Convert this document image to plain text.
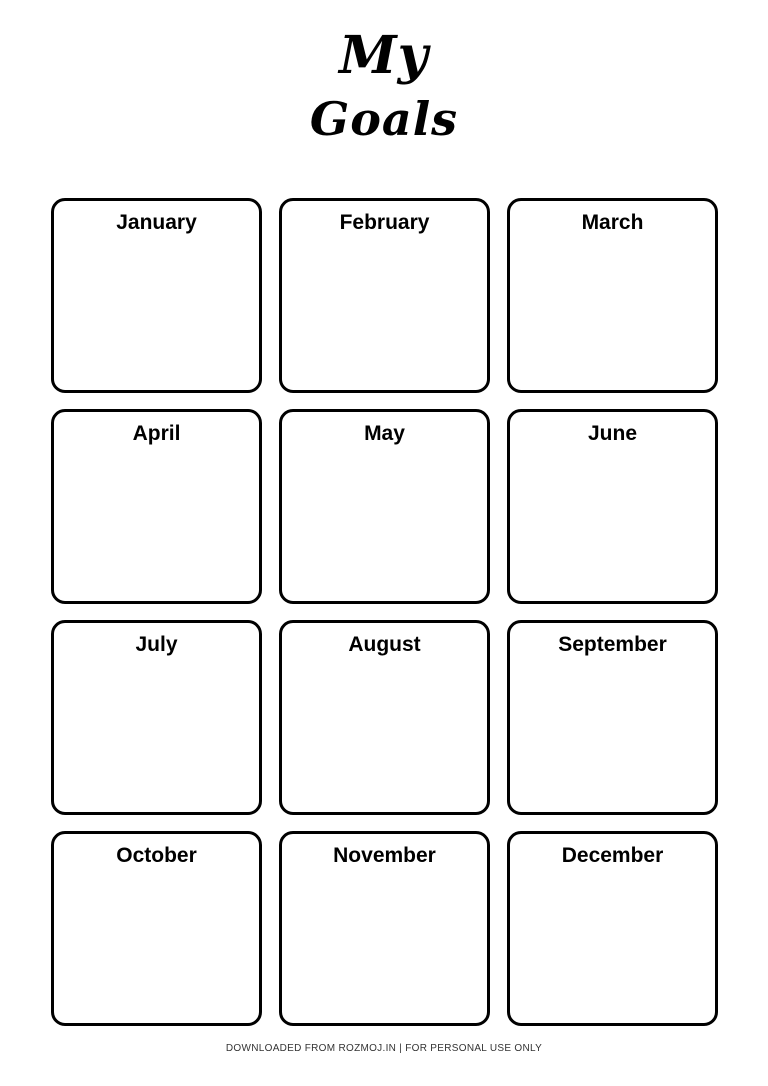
My
Goals
January	February	March
April	May	June
July	August	September
October	November	December
DOWNLOADED FROM ROZMOJ.IN | FOR PERSONAL USE ONLY
